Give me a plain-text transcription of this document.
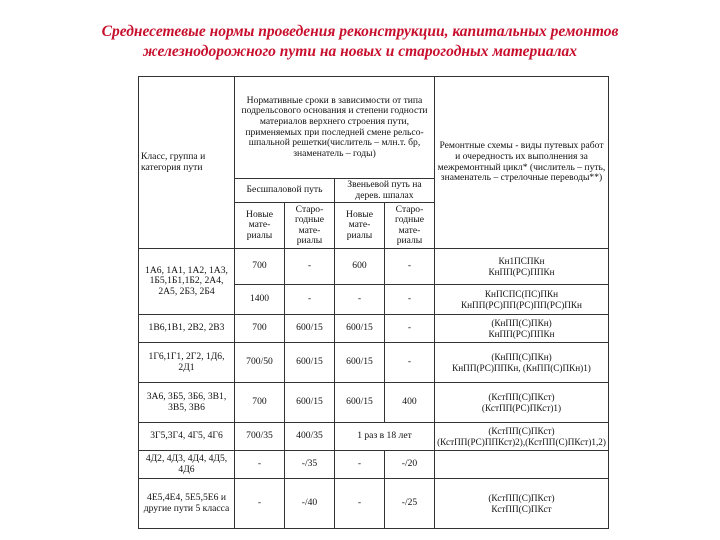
Среднесетевые нормы проведения реконструкции, капитальных ремонтов
железнодорожного пути на новых и старогодных материалах
Класс, группа и категория пути	Нормативные сроки в зависимости от типа подрельсового основания и степени годности материалов верхнего строения пути, применяемых при последней смене рельсо-шпальной решетки(числитель – млн.т. бр, знаменатель – годы)				Ремонтные схемы - виды путевых работ и очередность их выполнения за межремонтный цикл* (числитель – путь, знаменатель – стрелочные переводы**)
	Бесшпаловой путь		Звеньевой путь на дерев. шпалах		
	Новые мате-риалы	Старо-годные мате-риалы	Новые мате-риалы	Старо-годные мате-риалы	
1А6, 1А1, 1А2, 1А3, 1Б5,1Б1,1Б2, 2А4, 2А5, 2Б3, 2Б4	700	-	600	-	Кн1ПСПКн
КнПП(РС)ППКн

	1400	-	-	-	КнПСПС(ПС)ПКн
КнПП(РС)ПП(РС)ПП(РС)ПКн

1В6,1В1, 2В2, 2В3	700	600/15	600/15	-	(КнПП(С)ПКн)
КнПП(РС)ППКн

1Г6,1Г1, 2Г2, 1Д6, 2Д1	700/50	600/15	600/15	-	(КнПП(С)ПКн)
КнПП(РС)ППКн, (КнПП(С)ПКн)1)

3А6, 3Б5, 3Б6, 3В1, 3В5, 3В6	700	600/15	600/15	400	(КстПП(С)ПКст)
(КстПП(РС)ПКст)1)

3Г5,3Г4, 4Г5, 4Г6	700/35	400/35	1 раз в 18 лет		(КстПП(С)ПКст)
(КстПП(РС)ППКст)2),(КстПП(С)ПКст)1,2)

4Д2, 4Д3, 4Д4, 4Д5, 4Д6	-	-/35	-	-/20	
4Е5,4Е4, 5Е5,5Е6 и другие пути 5 класса	-	-/40	-	-/25	(КстПП(С)ПКст)
КстПП(С)ПКст
